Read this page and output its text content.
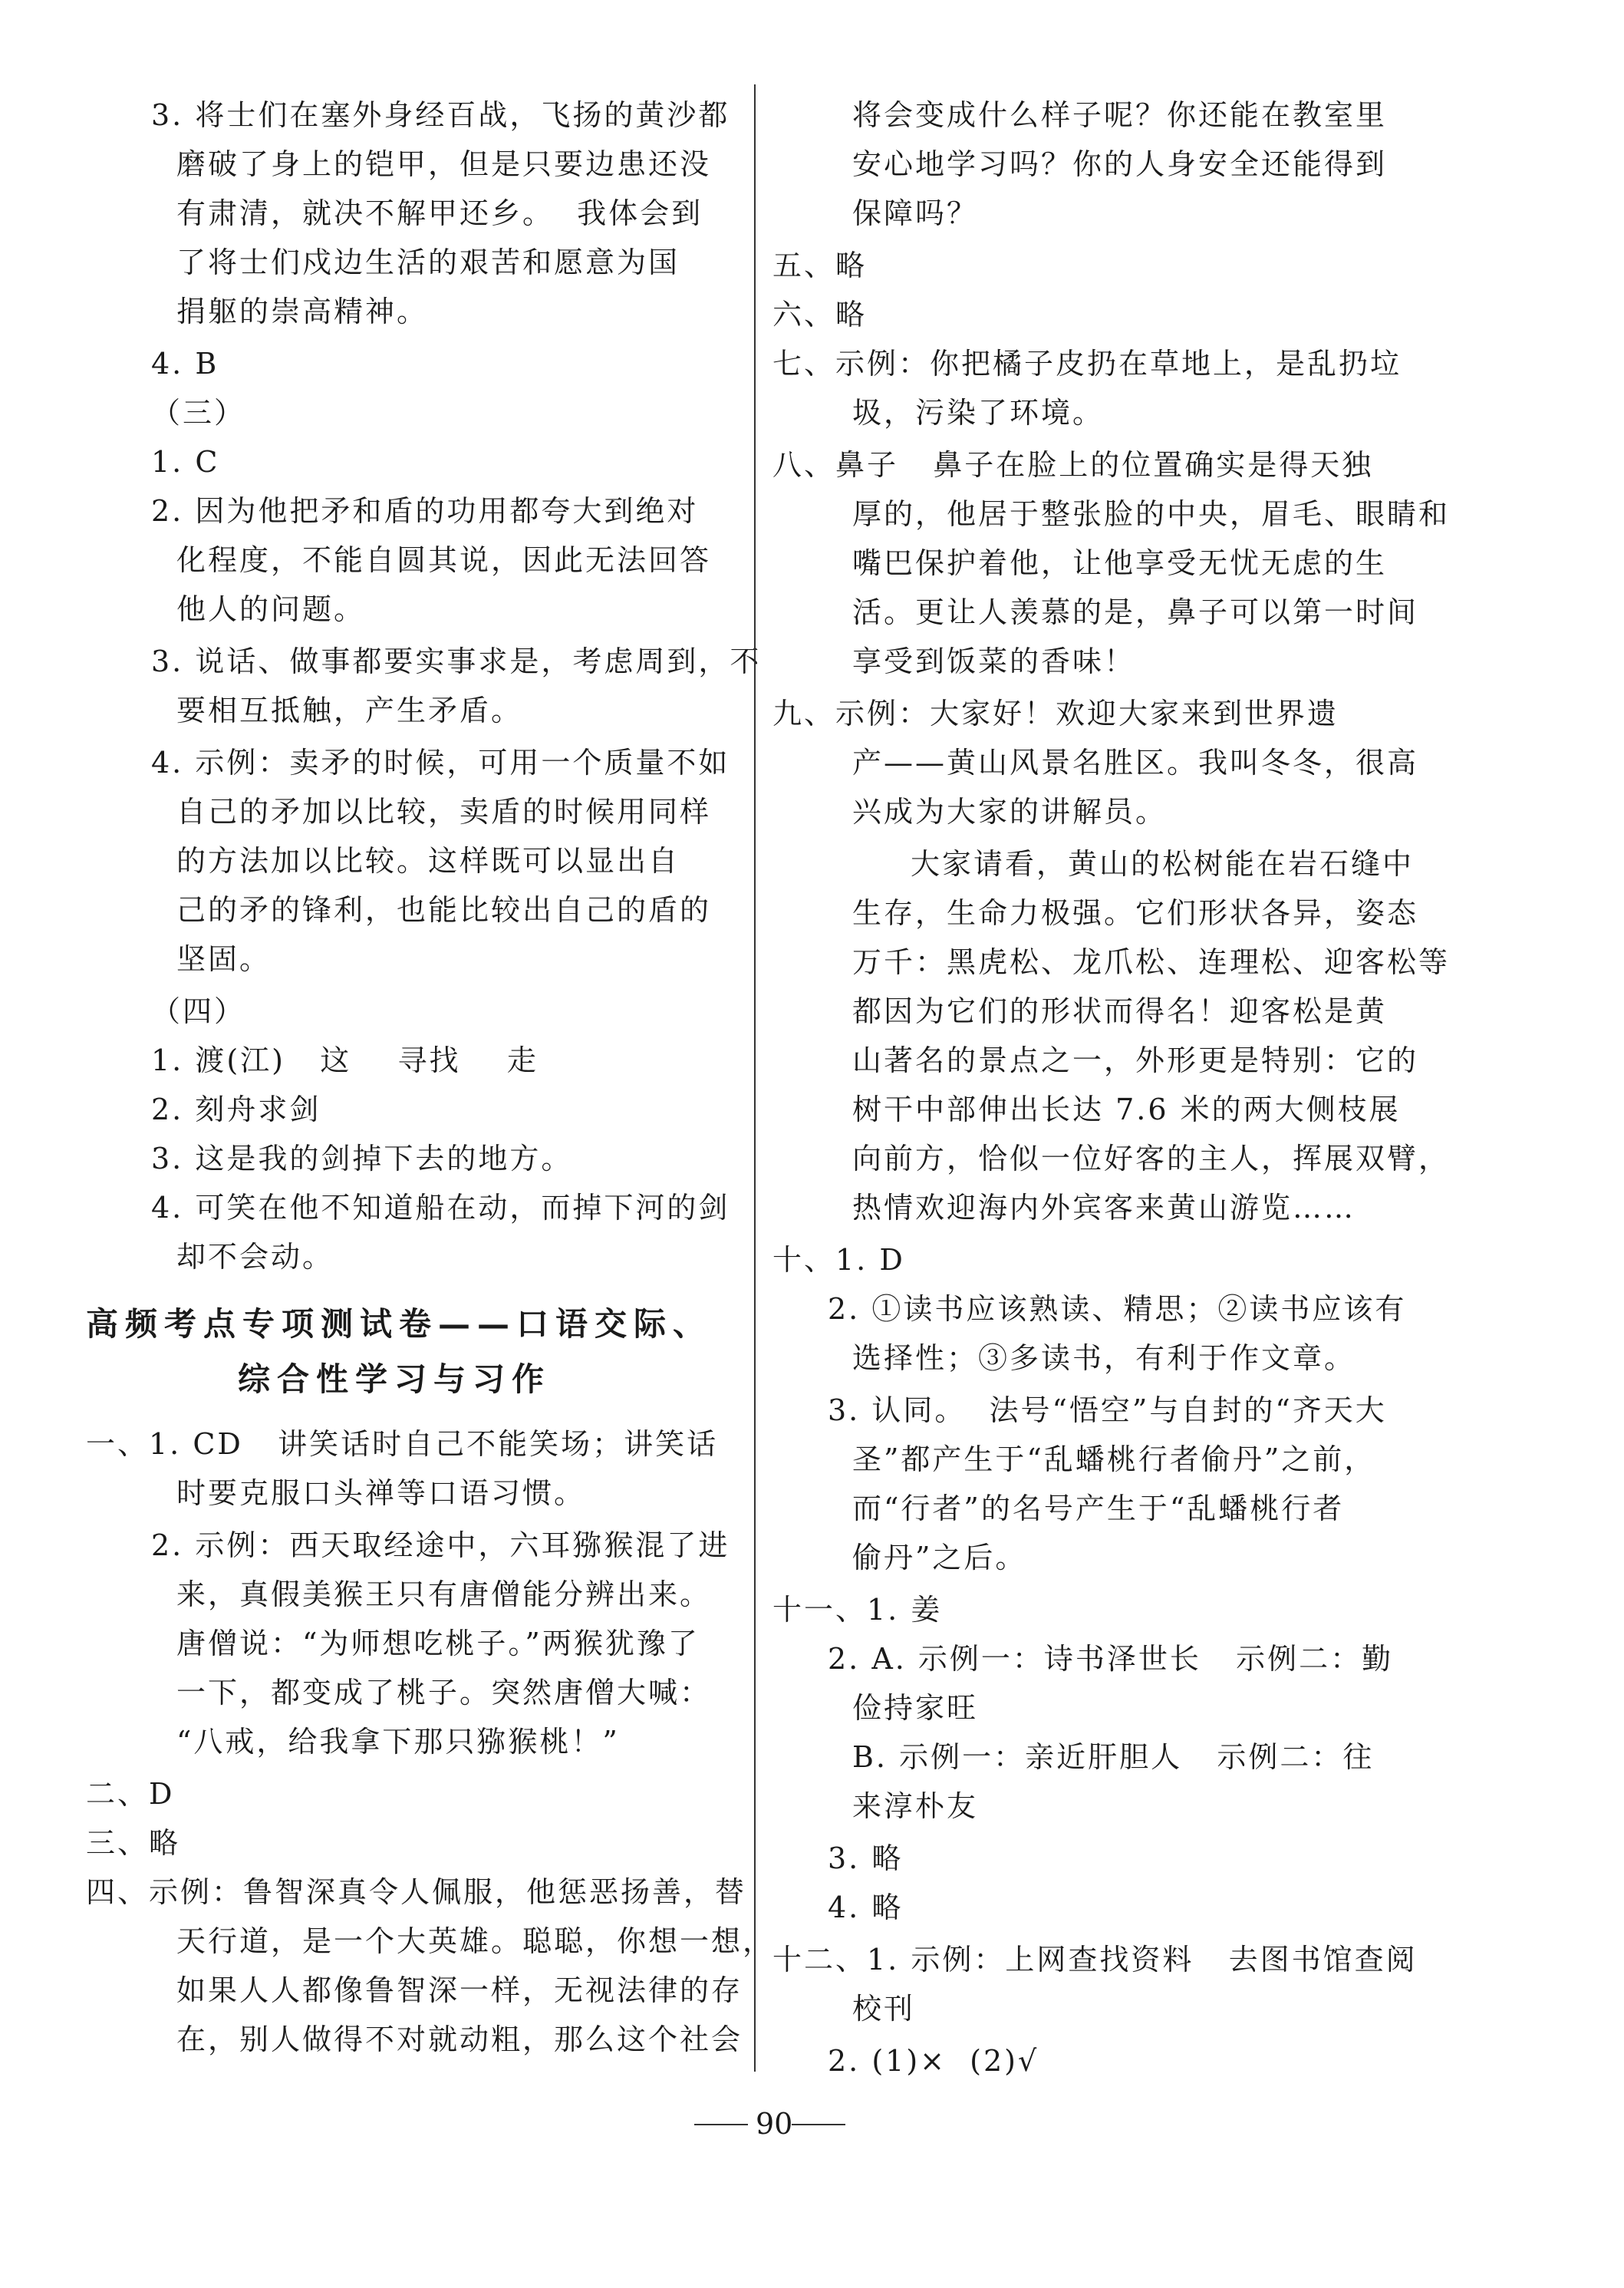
3. 将士们在塞外身经百战，飞扬的黄沙都
磨破了身上的铠甲，但是只要边患还没
有肃清，就决不解甲还乡。  我体会到
了将士们戍边生活的艰苦和愿意为国
捐躯的崇高精神。
4. B
（三）
1. C
2. 因为他把矛和盾的功用都夸大到绝对
化程度，不能自圆其说，因此无法回答
他人的问题。
3. 说话、做事都要实事求是，考虑周到，不
要相互抵触，产生矛盾。
4. 示例：卖矛的时候，可用一个质量不如
自己的矛加以比较，卖盾的时候用同样
的方法加以比较。这样既可以显出自
己的矛的锋利，也能比较出自己的盾的
坚固。
（四）
1. 渡(江)   这    寻找    走
2. 刻舟求剑
3. 这是我的剑掉下去的地方。
4. 可笑在他不知道船在动，而掉下河的剑
却不会动。
高频考点专项测试卷——口语交际、
综合性学习与习作
一、1. CD   讲笑话时自己不能笑场；讲笑话
时要克服口头禅等口语习惯。
2. 示例：西天取经途中，六耳猕猴混了进
来，真假美猴王只有唐僧能分辨出来。
唐僧说：“为师想吃桃子。”两猴犹豫了
一下，都变成了桃子。突然唐僧大喊：
“八戒，给我拿下那只猕猴桃！”
二、D
三、略
四、示例：鲁智深真令人佩服，他惩恶扬善，替
天行道，是一个大英雄。聪聪，你想一想，
如果人人都像鲁智深一样，无视法律的存
在，别人做得不对就动粗，那么这个社会
将会变成什么样子呢？你还能在教室里
安心地学习吗？你的人身安全还能得到
保障吗？
五、略
六、略
七、示例：你把橘子皮扔在草地上，是乱扔垃
圾，污染了环境。
八、鼻子   鼻子在脸上的位置确实是得天独
厚的，他居于整张脸的中央，眉毛、眼睛和
嘴巴保护着他，让他享受无忧无虑的生
活。更让人羡慕的是，鼻子可以第一时间
享受到饭菜的香味！
九、示例：大家好！欢迎大家来到世界遗
产——黄山风景名胜区。我叫冬冬，很高
兴成为大家的讲解员。
大家请看，黄山的松树能在岩石缝中
生存，生命力极强。它们形状各异，姿态
万千：黑虎松、龙爪松、连理松、迎客松等
都因为它们的形状而得名！迎客松是黄
山著名的景点之一，外形更是特别：它的
树干中部伸出长达 7.6 米的两大侧枝展
向前方，恰似一位好客的主人，挥展双臂，
热情欢迎海内外宾客来黄山游览……
十、1. D
2. ①读书应该熟读、精思；②读书应该有
选择性；③多读书，有利于作文章。
3. 认同。  法号“悟空”与自封的“齐天大
圣”都产生于“乱蟠桃行者偷丹”之前，
而“行者”的名号产生于“乱蟠桃行者
偷丹”之后。
十一、1. 姜
2. A. 示例一：诗书泽世长   示例二：勤
俭持家旺
B. 示例一：亲近肝胆人   示例二：往
来淳朴友
3. 略
4. 略
十二、1. 示例：上网查找资料   去图书馆查阅
校刊
2. (1)×  (2)√
90
